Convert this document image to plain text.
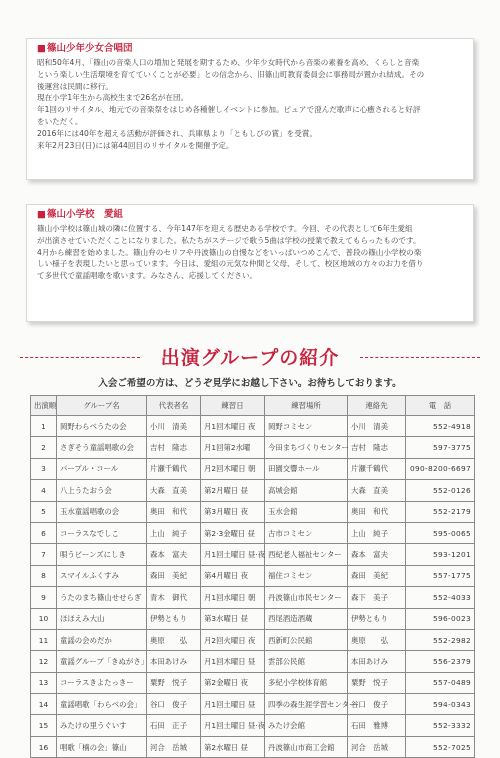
■篠山少年少女合唱団

昭和50年4月、「篠山の音楽人口の増加と発展を期するため、少年少女時代から音楽の素養を高め、くらしと音楽

という楽しい生活環境を育てていくことが必要」との信念から、旧篠山町教育委員会に事務局が置かれ結成。その

後運営は民間に移行。

現在小学1年生から高校生まで26名が在団。

年1回のリサイタル、地元での音楽祭をはじめ各種催しイベントに参加。ピュアで澄んだ歌声に心癒されると好評

をいただく。

2016年には40年を超える活動が評価され、兵庫県より「ともしびの賞」を受賞。

来年2月23日(日)には第44回目のリサイタルを開催予定。

■篠山小学校　愛組

篠山小学校は篠山城の隣に位置する、今年147年を迎える歴史ある学校です。今回、その代表として6年生愛組

が出演させていただくことになりました。私たちがステージで歌う5曲は学校の授業で教えてもらったものです。

4月から練習を始めました。篠山弁のセリフや丹波篠山の自慢などをいっぱいつめこんで、普段の篠山小学校の楽

しい様子を表現したいと思っています。今日は、愛組の元気な仲間と父母、そして、校区地域の方々のお力を借り

て多世代で童謡唱歌を歌います。みなさん、応援してください。

出演グループの紹介
入会ご希望の方は、どうぞ見学にお越し下さい。お待ちしております。
出演順	グループ名	代表者名	練習日	練習場所	連絡先	電　話
1	岡野わらべうたの会	小川　清美	月1回木曜日 夜	岡野コミセン	小川　清美	552-4918
2	さぎそう童謡唱歌の会	吉村　隆志	月1回第2水曜	今田まちづくりセンター	吉村　隆志	597-3775
3	パープル・コール	片瀬千鶴代	月2回木曜日 朝	田園交響ホール	片瀬千鶴代	090-8200-6697
4	八上うたおう会	大森　直美	第2月曜日 昼	高城会館	大森　直美	552-0126
5	玉水童謡唱歌の会	奥田　和代	第3月曜日 夜	玉水会館	奥田　和代	552-2179
6	コーラスなでしこ	上山　純子	第2·3金曜日 昼	古市コミセン	上山　純子	595-0065
7	唄うビーンズにしき	森本　富夫	月1回土曜日 昼·夜	西紀老人福祉センター	森本　富夫	593-1201
8	スマイルふくすみ	森田　美紀	第4月曜日 夜	福住コミセン	森田　美紀	557-1775
9	うたのまち篠山せせらぎ	青木　御代	月1回水曜日 朝	丹波篠山市民センター	森下　美子	552-4033
10	ほほえみ大山	伊勢ともり	第3水曜日 昼	西尾酒造酒蔵	伊勢ともり	596-0023
11	童謡の会めだか	奥原　　弘	月2回火曜日 夜	西新町公民館	奥原　　弘	552-2982
12	童謡グループ「きぬがさ」	本田あけみ	月1回木曜日 昼	雲部公民館	本田あけみ	556-2379
13	コーラスきよたっきー	粟野　悦子	第2金曜日 夜	多紀小学校体育館	粟野　悦子	557-0489
14	童謡唱歌「わらべの会」	谷口　俊子	月1回土曜日 昼	四季の森生涯学習センター	谷口　俊子	594-0343
15	みたけの里うぐいす	石田　正子	月1回土曜日 昼·夜	みたけ会館	石田　雅博	552-3332
16	唱歌「楠の会」篠山	河合　岳城	第2水曜日 昼	丹波篠山市商工会館	河合　岳城	552-7025
